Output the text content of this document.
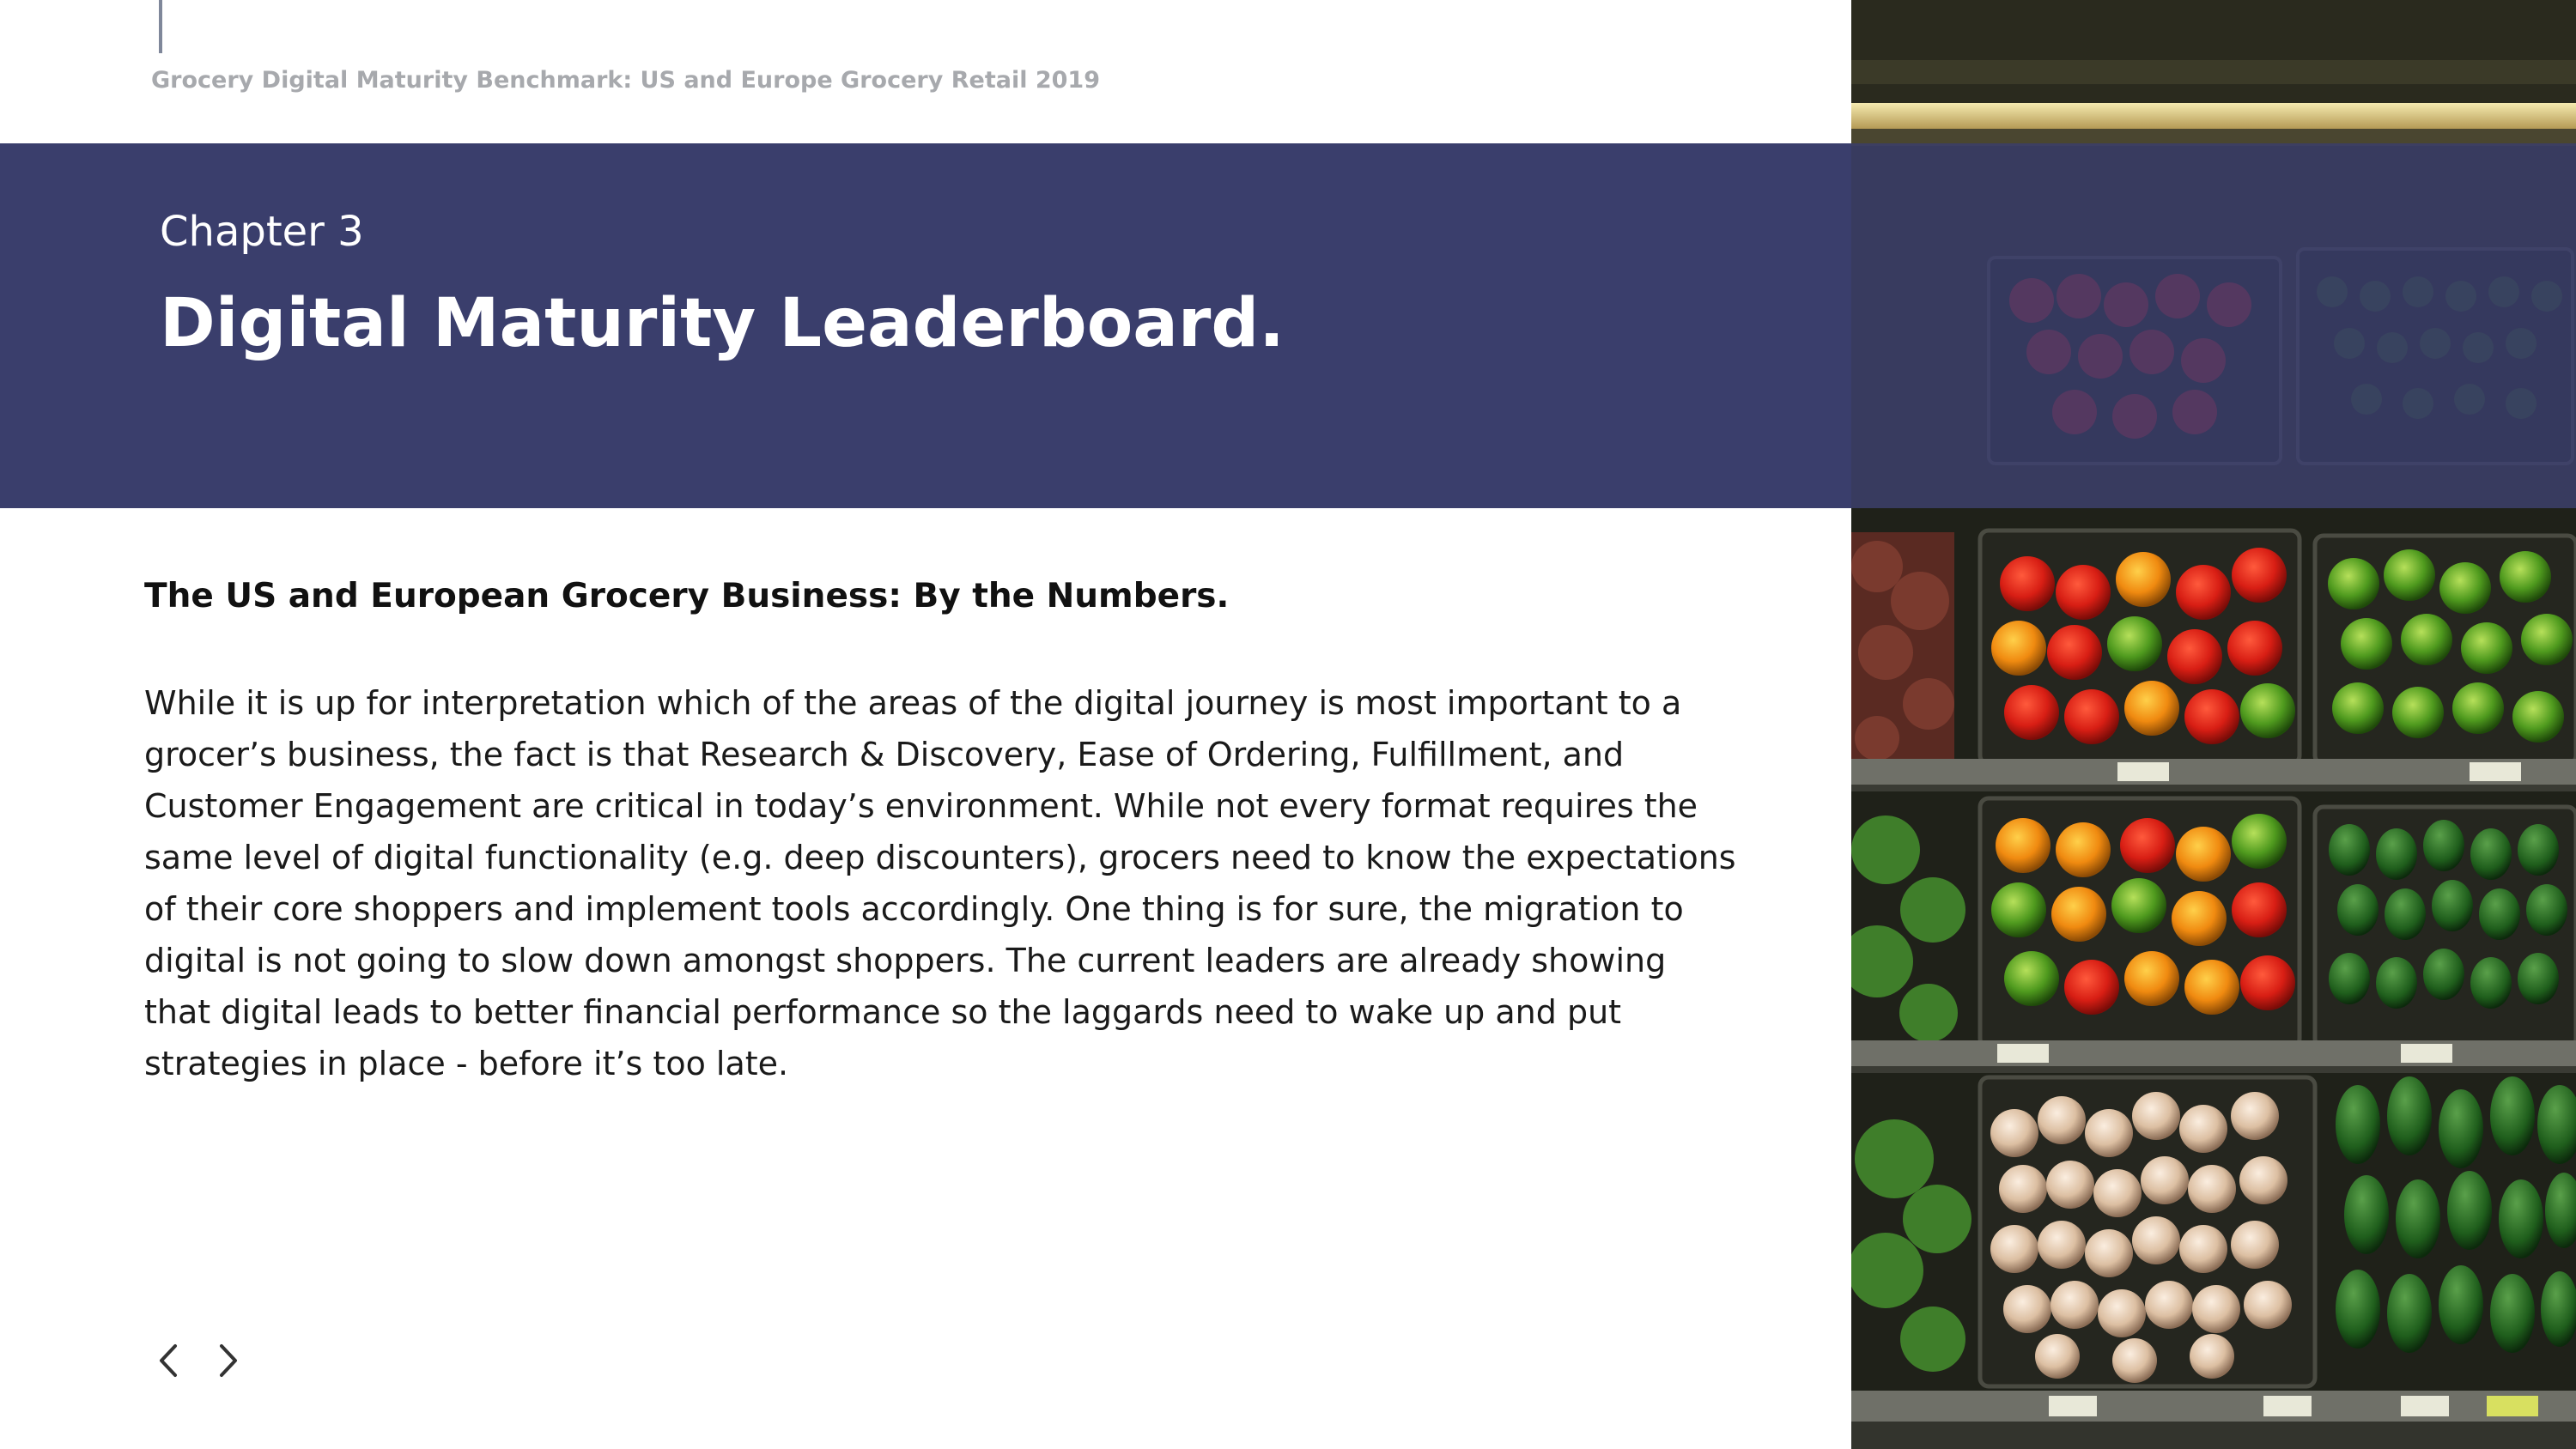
Grocery Digital Maturity Benchmark: US and Europe Grocery Retail 2019
Chapter 3
Digital Maturity Leaderboard.
The US and European Grocery Business: By the Numbers.
While it is up for interpretation which of the areas of the digital journey is most important to a
grocer’s business, the fact is that Research & Discovery, Ease of Ordering, Fulfillment, and
Customer Engagement are critical in today’s environment. While not every format requires the
same level of digital functionality (e.g. deep discounters), grocers need to know the expectations
of their core shoppers and implement tools accordingly. One thing is for sure, the migration to
digital is not going to slow down amongst shoppers. The current leaders are already showing
that digital leads to better financial performance so the laggards need to wake up and put
strategies in place - before it’s too late.
